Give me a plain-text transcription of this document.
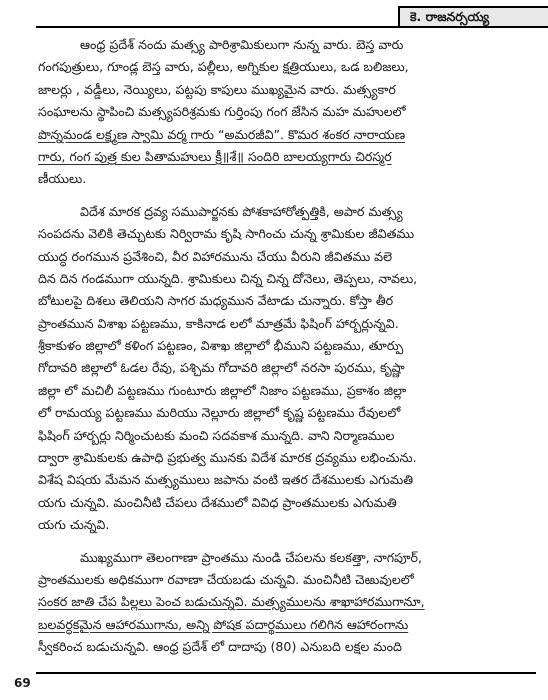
కె. రాజనర్సయ్య
ఆంధ్ర ప్రదేశ్ నందు మత్స్య పారిశ్రామికులుగా నున్న వారు. బెస్త వారు
గంగపుత్రులు, గూండ్ల బెస్త వారు, పల్లీలు, అగ్నికుల క్షత్రియులు, ఒడ బలిజలు,
జాలర్లు , వడ్డీలు, నెయ్యిలు, పట్టపు కాపులు ముఖ్యమైన వారు. మత్స్యకార
సంఘాలను స్థాపించి మత్స్యపరిశ్రమకు గుర్తింపు గంగ జేసిన మహ మహులలో
పొన్నమండ లక్ష్మణ స్వామి వర్మ గారు “అమరజీవి”. కొమర శంకర నారాయణ
గారు, గంగ పుత్ర కుల పితామహులు క్రీ॥శే॥ సందిరి బాలయ్యగారు చిరస్మర
ణీయులు.
విదేశ మారక ద్రవ్య సముపార్జనకు పోశకాహారోత్పత్తికి, అపార మత్స్య
సంపదను వెలికి తెచ్చుటకు నిర్విరామ కృషి సాగించు చున్న శ్రామికుల జీవితము
యుద్ధ రంగమున ప్రవేశించి, వీర విహారమును చేయు వీరుని జీవితము వలె
దిన దిన గండముగా యున్నది. శ్రామికులు చిన్న చిన్న దోనెలు, తెప్పలు, నావలు,
బోటులపై దిశలు తెలియని సాగర మధ్యమున వేటాడు చున్నారు. కోస్తా తీర
ప్రాంతమున విశాఖ పట్టణము, కాకినాడ లలో మాత్రమే ఫిషింగ్ హార్బర్లున్నవి.
శ్రీకాకుళం జిల్లాలో కళింగ పట్టణం, విశాఖ జిల్లాలో భీముని పట్టణము, తూర్పు
గోదావరి జిల్లాలో ఓడల రేవు, పశ్చిమ గోదావరి జిల్లాలో నరసా పురము, కృష్ణా
జిల్లా లో మచిలీ పట్టణము గుంటూరు జిల్లాలో నిజాం పట్టణము, ప్రకాశం జిల్లా
లో రామయ్య పట్టణము మరియు నెల్లూరు జిల్లాలో కృష్ణ పట్టణము రేవులలో
ఫిషింగ్ హార్బర్లు నిర్మించుటకు మంచి సదవకాశ మున్నది. వాని నిర్మాణముల
ద్వారా శ్రామికులకు ఉపాధి ప్రభుత్వ మునకు విదేశ మారక ద్రవ్యము లభించును.
విశేష విషయ మేమన మత్స్యములు జపాను వంటి ఇతర దేశములకు ఎగుమతి
యగు చున్నవి. మంచినీటి చేపలు దేశములో వివిధ ప్రాంతములకు ఎగుమతి
యగు చున్నవి.
ముఖ్యముగా తెలంగాణా ప్రాంతము నుండి చేపలను కలకత్తా, నాగపూర్,
ప్రాంతములకు అధికముగా రవాణా చేయబడు చున్నవి. మంచినీటి చెఱువులలో
సంకర జాతి చేప పిల్లలు పెంచ బడుచున్నవి. మత్స్యములను శాఖాహారముగానూ,
బలవర్ధకమైన ఆహారముగాను, అన్ని పోషక పదార్థములు గలిగిన ఆహారంగాను
స్వీకరించ బడుచున్నవి. ఆంధ్ర ప్రదేశ్ లో దాదాపు (80) ఎనుబది లక్షల మంది
69
